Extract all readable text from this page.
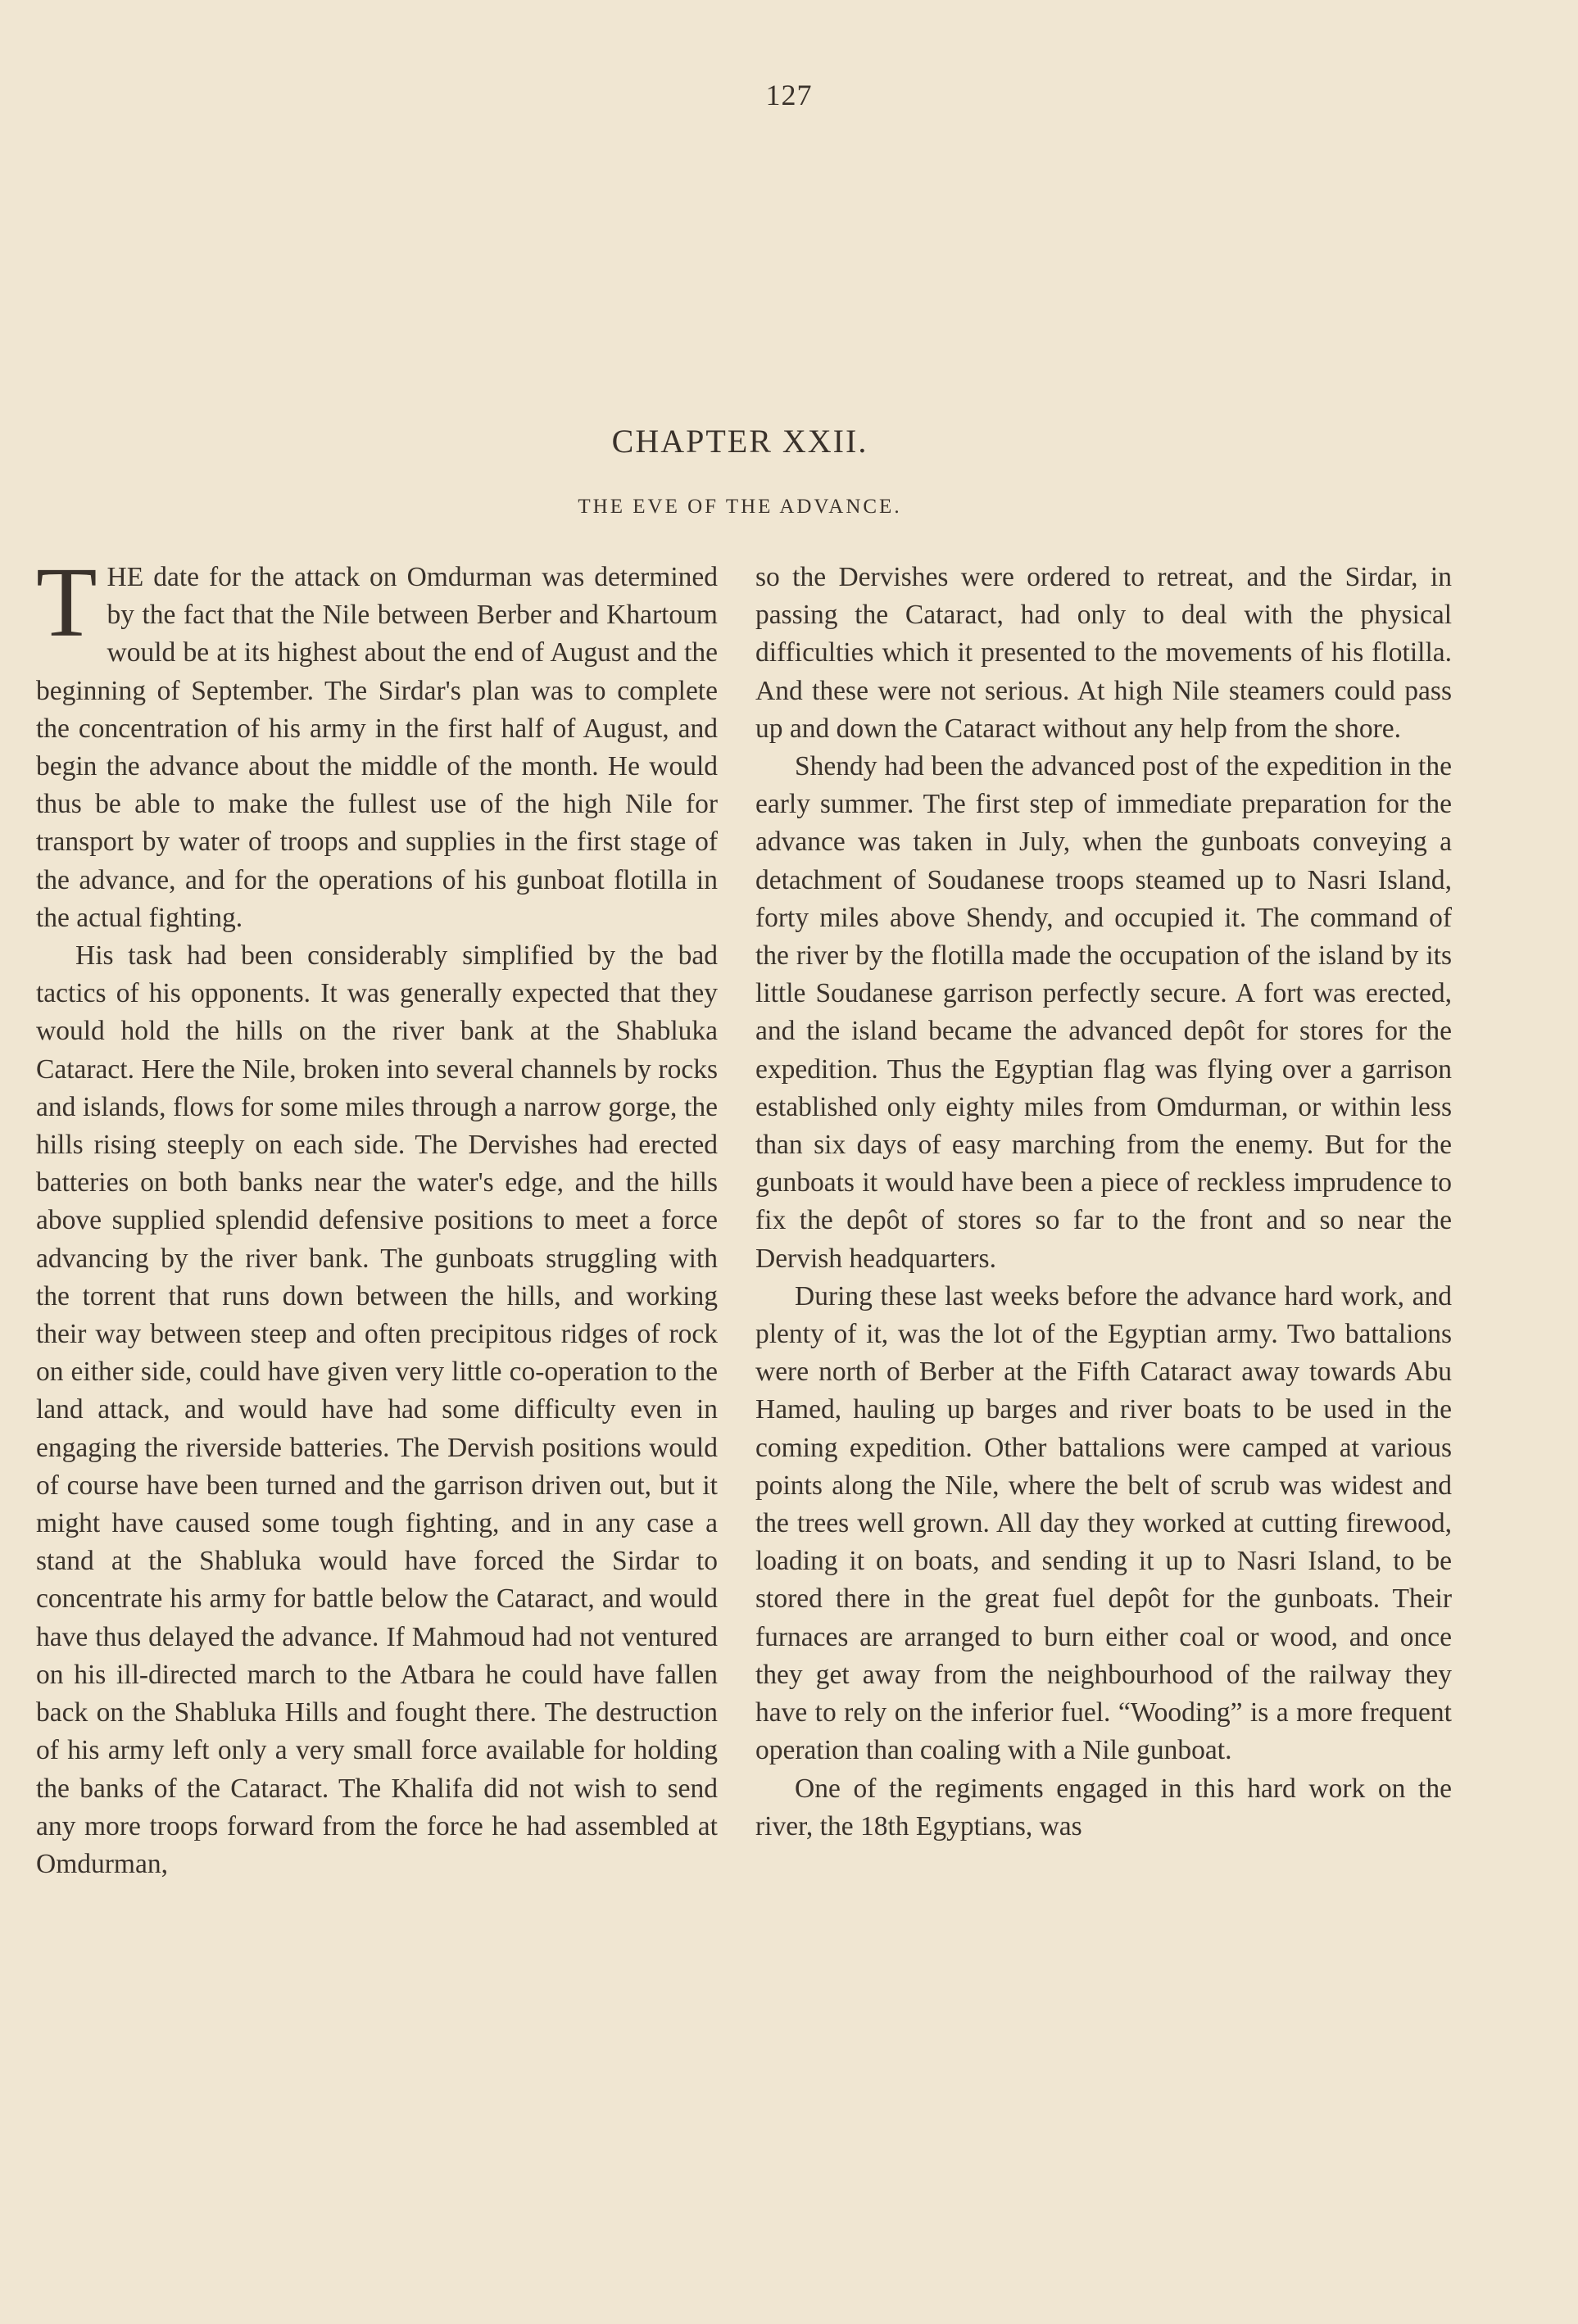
127
CHAPTER XXII.
THE EVE OF THE ADVANCE.

THE date for the attack on Omdurman was determined by the fact that the Nile between Berber and Khartoum would be at its highest about the end of August and the beginning of September. The Sirdar's plan was to complete the concentration of his army in the first half of August, and begin the advance about the middle of the month. He would thus be able to make the fullest use of the high Nile for transport by water of troops and supplies in the first stage of the advance, and for the operations of his gunboat flotilla in the actual fighting.

His task had been considerably simplified by the bad tactics of his opponents. It was generally expected that they would hold the hills on the river bank at the Shabluka Cataract. Here the Nile, broken into several channels by rocks and islands, flows for some miles through a narrow gorge, the hills rising steeply on each side. The Dervishes had erected batteries on both banks near the water's edge, and the hills above supplied splendid defensive positions to meet a force advancing by the river bank. The gunboats struggling with the torrent that runs down between the hills, and working their way between steep and often precipitous ridges of rock on either side, could have given very little co-operation to the land attack, and would have had some difficulty even in engaging the riverside batteries. The Dervish positions would of course have been turned and the garrison driven out, but it might have caused some tough fighting, and in any case a stand at the Shabluka would have forced the Sirdar to concentrate his army for battle below the Cataract, and would have thus delayed the advance. If Mahmoud had not ventured on his ill-directed march to the Atbara he could have fallen back on the Shabluka Hills and fought there. The destruction of his army left only a very small force available for holding the banks of the Cataract. The Khalifa did not wish to send any more troops forward from the force he had assembled at Omdurman,

so the Dervishes were ordered to retreat, and the Sirdar, in passing the Cataract, had only to deal with the physical difficulties which it presented to the movements of his flotilla. And these were not serious. At high Nile steamers could pass up and down the Cataract without any help from the shore.

Shendy had been the advanced post of the expedition in the early summer. The first step of immediate preparation for the advance was taken in July, when the gunboats conveying a detachment of Soudanese troops steamed up to Nasri Island, forty miles above Shendy, and occupied it. The command of the river by the flotilla made the occupation of the island by its little Soudanese garrison perfectly secure. A fort was erected, and the island became the advanced depôt for stores for the expedition. Thus the Egyptian flag was flying over a garrison established only eighty miles from Omdurman, or within less than six days of easy marching from the enemy. But for the gunboats it would have been a piece of reckless imprudence to fix the depôt of stores so far to the front and so near the Dervish headquarters.

During these last weeks before the advance hard work, and plenty of it, was the lot of the Egyptian army. Two battalions were north of Berber at the Fifth Cataract away towards Abu Hamed, hauling up barges and river boats to be used in the coming expedition. Other battalions were camped at various points along the Nile, where the belt of scrub was widest and the trees well grown. All day they worked at cutting firewood, loading it on boats, and sending it up to Nasri Island, to be stored there in the great fuel depôt for the gunboats. Their furnaces are arranged to burn either coal or wood, and once they get away from the neighbourhood of the railway they have to rely on the inferior fuel. “Wooding” is a more frequent operation than coaling with a Nile gunboat.

One of the regiments engaged in this hard work on the river, the 18th Egyptians, was
